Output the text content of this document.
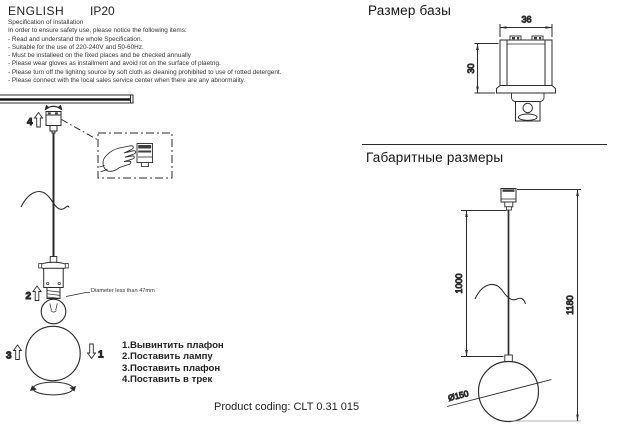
ENGLISH IP20
Specification of installation
In order to ensure safety use, please notice the following items:
- Read and understand the whole Specification.
- Suitable for the use of 220-240V and 50-60Hz.
- Must be installeed on the fixed places and be checked annually
- Please wear gloves as installment and avoid rot on the surface of plaetng.
- Please turn off the lighitng source by soft cloth as cleaning prohibited to use of rotted detergent.
- Please connect with the local sales service center when there are any abnormality.
Размер базы
Габаритные размеры
Diameter less than 47mm
1.Вывинтить плафон
2.Поставить лампу
3.Поставить плафон
4.Поставить в трек
Product coding: CLT 0.31 015
4
2
3	1
36
30
Ø150
1000
1180
